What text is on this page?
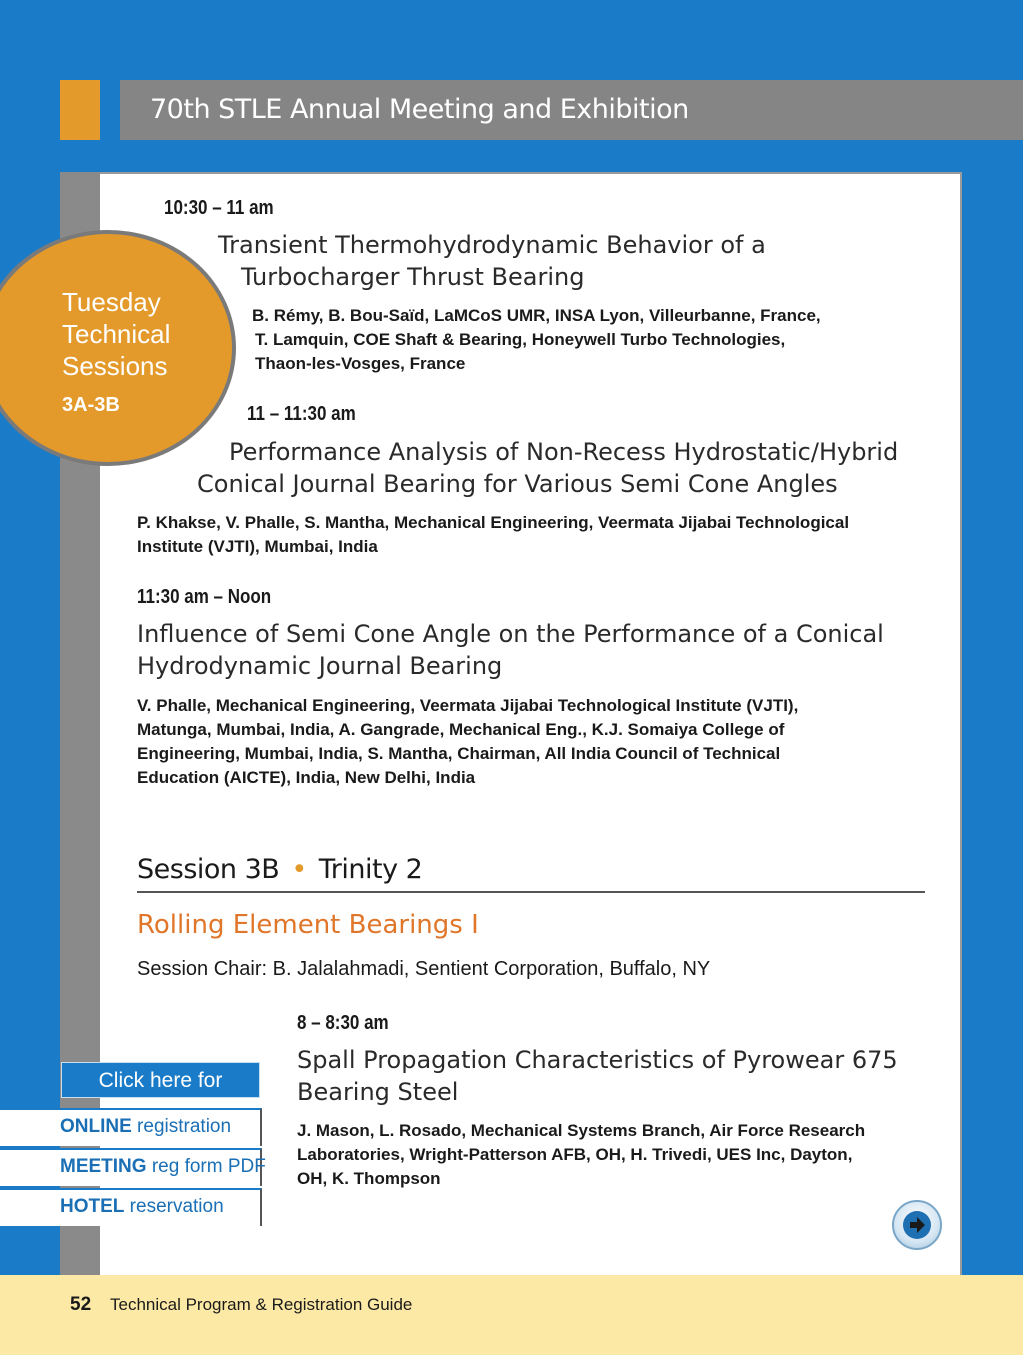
70th STLE Annual Meeting and Exhibition
Tuesday
Technical
Sessions
3A-3B
10:30 – 11 am
Transient Thermohydrodynamic Behavior of a
Turbocharger Thrust Bearing
B. Rémy, B. Bou-Saïd, LaMCoS UMR, INSA Lyon, Villeurbanne, France,
T. Lamquin, COE Shaft & Bearing, Honeywell Turbo Technologies,
Thaon-les-Vosges, France
11 – 11:30 am
Performance Analysis of Non-Recess Hydrostatic/Hybrid
Conical Journal Bearing for Various Semi Cone Angles
P. Khakse, V. Phalle, S. Mantha, Mechanical Engineering, Veermata Jijabai Technological
Institute (VJTI), Mumbai, India
11:30 am – Noon
Influence of Semi Cone Angle on the Performance of a Conical
Hydrodynamic Journal Bearing
V. Phalle, Mechanical Engineering, Veermata Jijabai Technological Institute (VJTI),
Matunga, Mumbai, India, A. Gangrade, Mechanical Eng., K.J. Somaiya College of
Engineering, Mumbai, India, S. Mantha, Chairman, All India Council of Technical
Education (AICTE), India, New Delhi, India
Session 3B • Trinity 2
Rolling Element Bearings I
Session Chair: B. Jalalahmadi, Sentient Corporation, Buffalo, NY
8 – 8:30 am
Spall Propagation Characteristics of Pyrowear 675
Bearing Steel
J. Mason, L. Rosado, Mechanical Systems Branch, Air Force Research
Laboratories, Wright-Patterson AFB, OH, H. Trivedi, UES Inc, Dayton,
OH, K. Thompson
Click here for
ONLINE registration
MEETING reg form PDF
HOTEL reservation
52 Technical Program & Registration Guide
